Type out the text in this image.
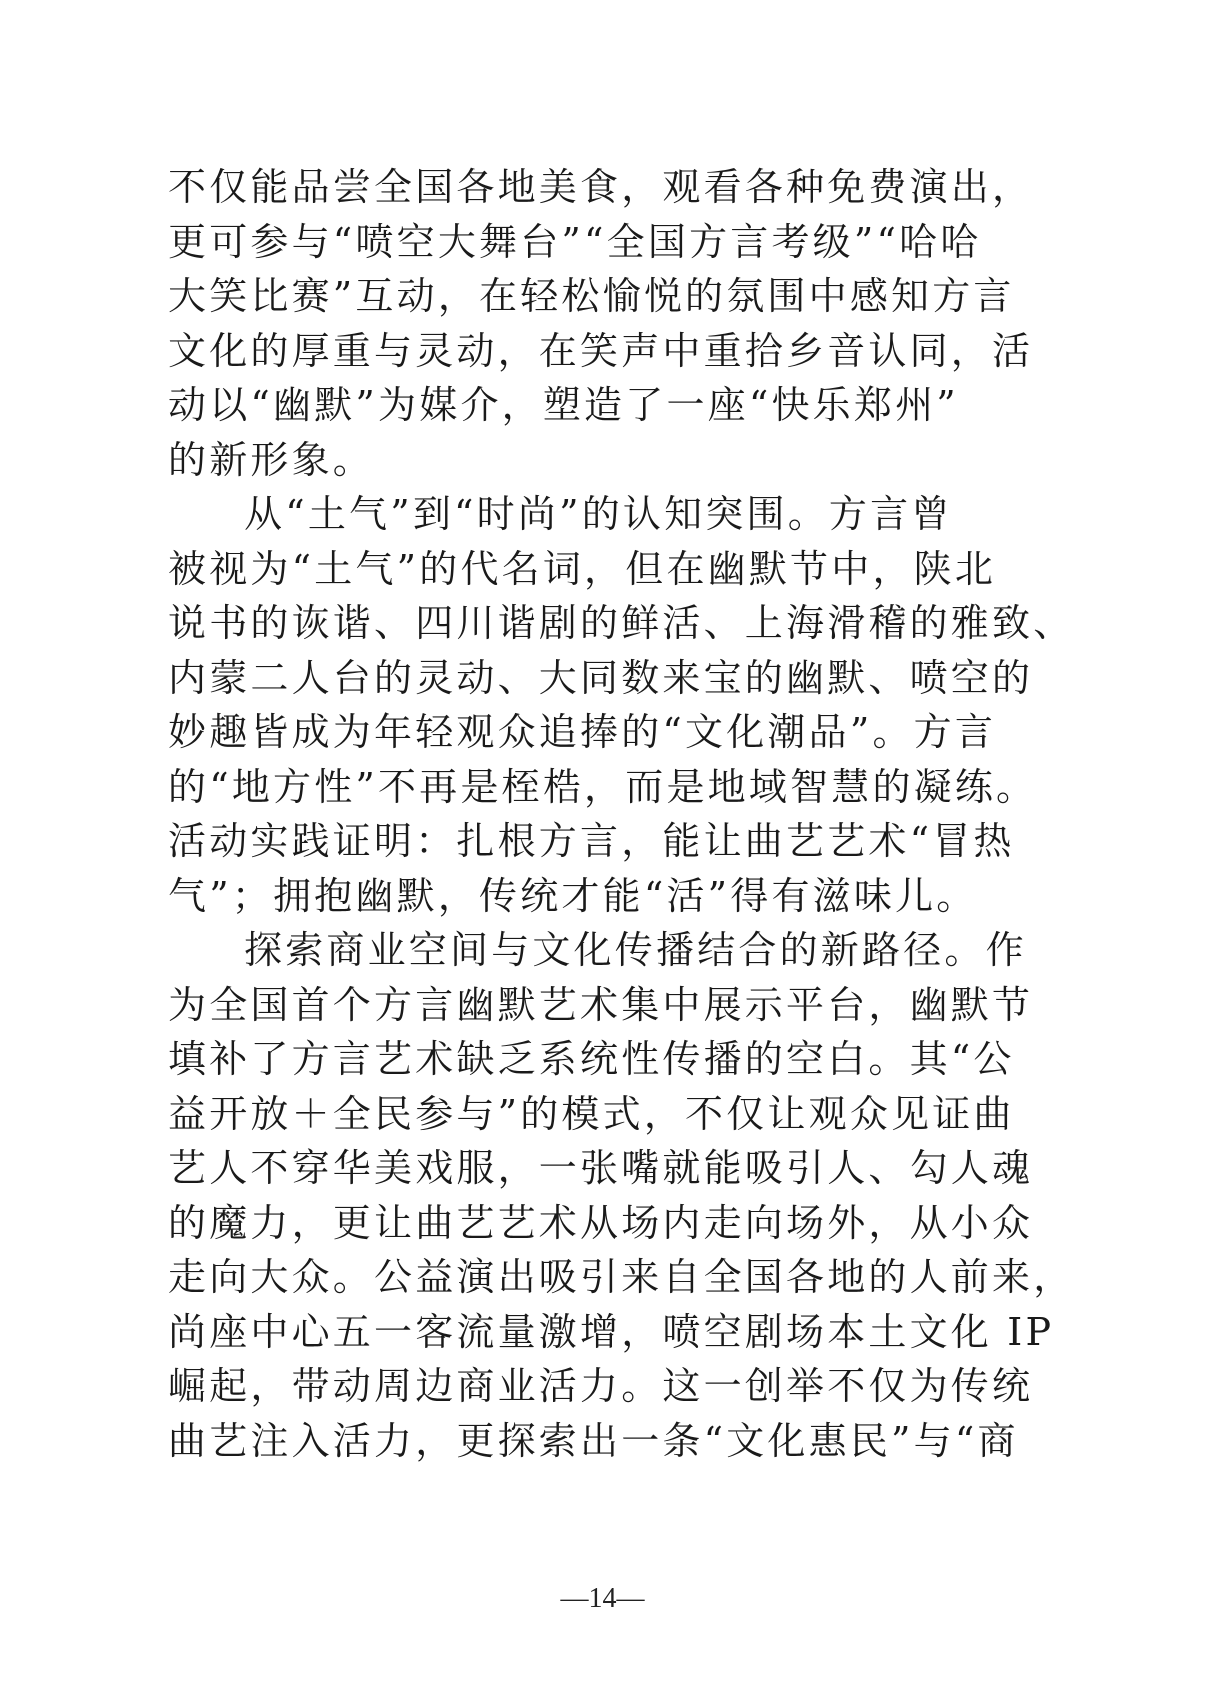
不仅能品尝全国各地美食，观看各种免费演出，
更可参与“喷空大舞台”“全国方言考级”“哈哈
大笑比赛”互动，在轻松愉悦的氛围中感知方言
文化的厚重与灵动，在笑声中重拾乡音认同，活
动以“幽默”为媒介，塑造了一座“快乐郑州”
的新形象。
从“土气”到“时尚”的认知突围。方言曾
被视为“土气”的代名词，但在幽默节中，陕北
说书的诙谐、四川谐剧的鲜活、上海滑稽的雅致、
内蒙二人台的灵动、大同数来宝的幽默、喷空的
妙趣皆成为年轻观众追捧的“文化潮品”。方言
的“地方性”不再是桎梏，而是地域智慧的凝练。
活动实践证明：扎根方言，能让曲艺艺术“冒热
气”；拥抱幽默，传统才能“活”得有滋味儿。
探索商业空间与文化传播结合的新路径。作
为全国首个方言幽默艺术集中展示平台，幽默节
填补了方言艺术缺乏系统性传播的空白。其“公
益开放＋全民参与”的模式，不仅让观众见证曲
艺人不穿华美戏服，一张嘴就能吸引人、勾人魂
的魔力，更让曲艺艺术从场内走向场外，从小众
走向大众。公益演出吸引来自全国各地的人前来，
尚座中心五一客流量激增，喷空剧场本土文化 IP
崛起，带动周边商业活力。这一创举不仅为传统
曲艺注入活力，更探索出一条“文化惠民”与“商
—14—
